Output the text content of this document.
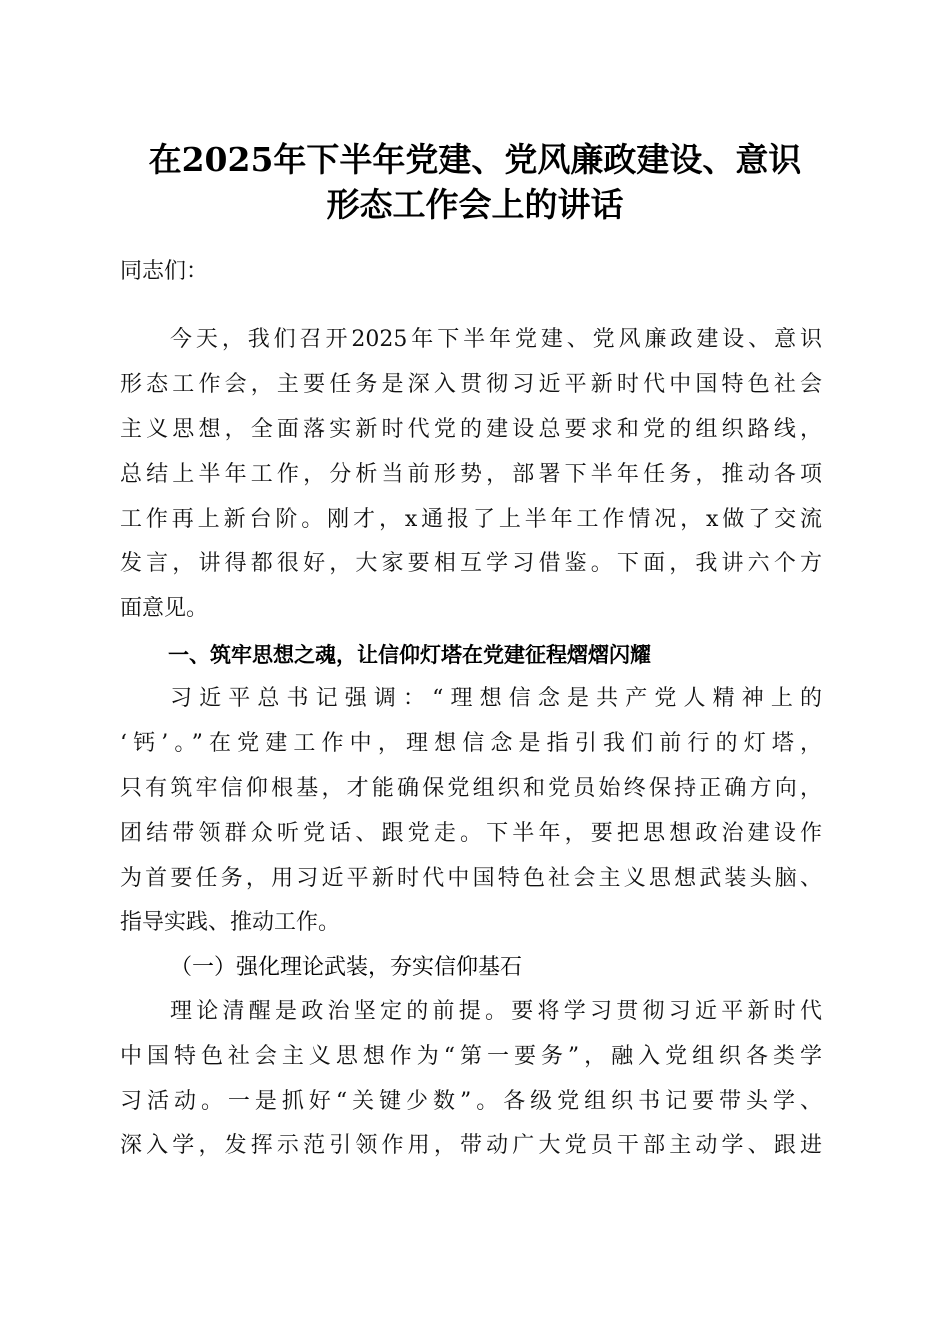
在2025年下半年党建、党风廉政建设、意识
形态工作会上的讲话
同志们：
今天，我们召开2025年下半年党建、党风廉政建设、意识
形态工作会，主要任务是深入贯彻习近平新时代中国特色社会
主义思想，全面落实新时代党的建设总要求和党的组织路线，
总结上半年工作，分析当前形势，部署下半年任务，推动各项
工作再上新台阶。刚才，x通报了上半年工作情况，x做了交流
发言，讲得都很好，大家要相互学习借鉴。下面，我讲六个方
面意见。
一、筑牢思想之魂，让信仰灯塔在党建征程熠熠闪耀
习近平总书记强调：“理想信念是共产党人精神上的
‘钙’。”在党建工作中，理想信念是指引我们前行的灯塔，
只有筑牢信仰根基，才能确保党组织和党员始终保持正确方向，
团结带领群众听党话、跟党走。下半年，要把思想政治建设作
为首要任务，用习近平新时代中国特色社会主义思想武装头脑、
指导实践、推动工作。
（一）强化理论武装，夯实信仰基石
理论清醒是政治坚定的前提。要将学习贯彻习近平新时代
中国特色社会主义思想作为“第一要务”，融入党组织各类学
习活动。一是抓好“关键少数”。各级党组织书记要带头学、
深入学，发挥示范引领作用，带动广大党员干部主动学、跟进
